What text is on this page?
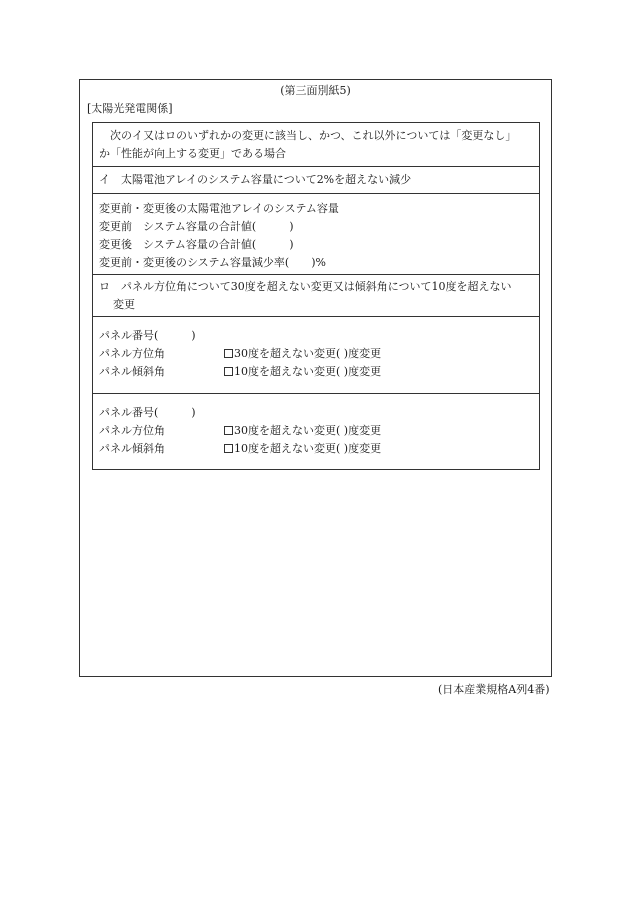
(第三面別紙5)
[太陽光発電関係]
次のイ又はロのいずれかの変更に該当し、かつ、これ以外については「変更なし」
か「性能が向上する変更」である場合
イ　太陽電池アレイのシステム容量について2%を超えない減少
変更前・変更後の太陽電池アレイのシステム容量
変更前　システム容量の合計値(　　　)
変更後　システム容量の合計値(　　　)
変更前・変更後のシステム容量減少率(　　)%
ロ　パネル方位角について30度を超えない変更又は傾斜角について10度を超えない
変更
パネル番号(　　　)
パネル方位角	30度を超えない変更( )度変更
パネル傾斜角	10度を超えない変更( )度変更
パネル番号(　　　)
パネル方位角	30度を超えない変更( )度変更
パネル傾斜角	10度を超えない変更( )度変更
(日本産業規格A列4番)
